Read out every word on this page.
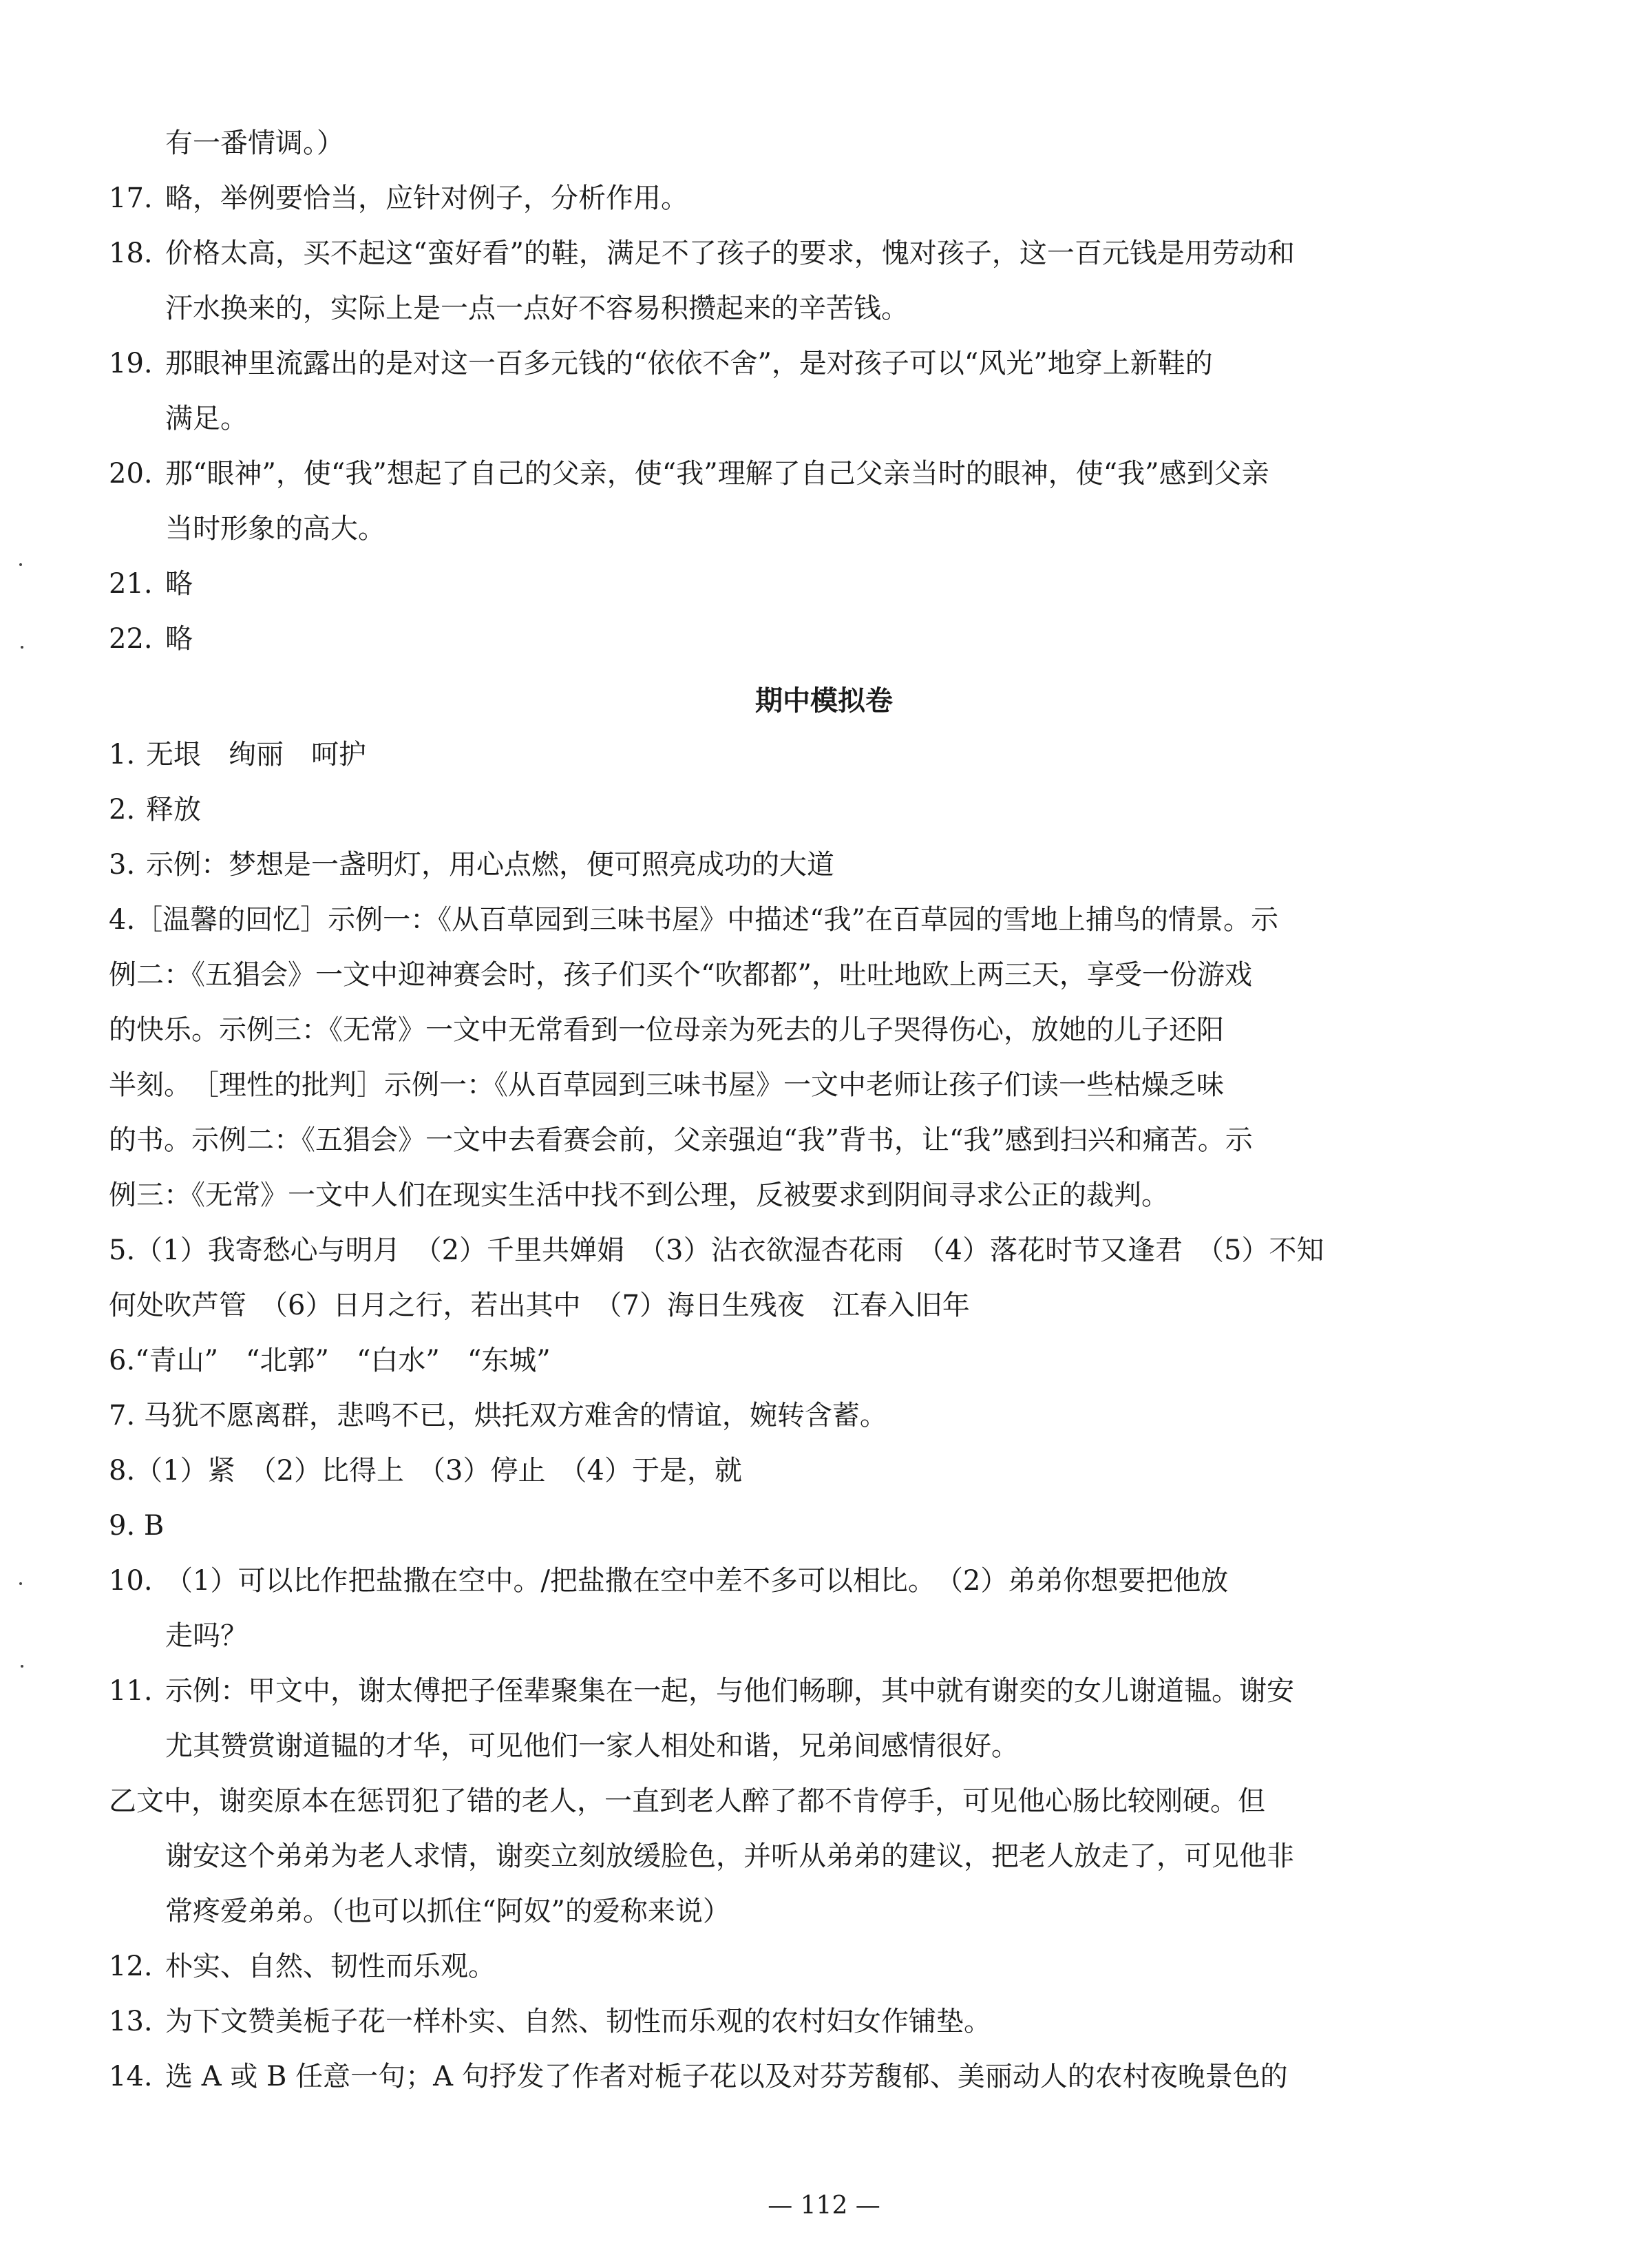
有一番情调。）
17. 略，举例要恰当，应针对例子，分析作用。
18. 价格太高，买不起这“蛮好看”的鞋，满足不了孩子的要求，愧对孩子，这一百元钱是用劳动和
汗水换来的，实际上是一点一点好不容易积攒起来的辛苦钱。
19. 那眼神里流露出的是对这一百多元钱的“依依不舍”，是对孩子可以“风光”地穿上新鞋的
满足。
20. 那“眼神”，使“我”想起了自己的父亲，使“我”理解了自己父亲当时的眼神，使“我”感到父亲
当时形象的高大。
21. 略
22. 略
期中模拟卷
1. 无垠　绚丽　呵护
2. 释放
3. 示例：梦想是一盏明灯，用心点燃，便可照亮成功的大道
4.［温馨的回忆］示例一：《从百草园到三味书屋》中描述“我”在百草园的雪地上捕鸟的情景。示
例二：《五猖会》一文中迎神赛会时，孩子们买个“吹都都”，吐吐地欧上两三天，享受一份游戏
的快乐。示例三：《无常》一文中无常看到一位母亲为死去的儿子哭得伤心，放她的儿子还阳
半刻。　［理性的批判］示例一：《从百草园到三味书屋》一文中老师让孩子们读一些枯燥乏味
的书。示例二：《五猖会》一文中去看赛会前，父亲强迫“我”背书，让“我”感到扫兴和痛苦。示
例三：《无常》一文中人们在现实生活中找不到公理，反被要求到阴间寻求公正的裁判。
5.（1）我寄愁心与明月　（2）千里共婵娟　（3）沾衣欲湿杏花雨　（4）落花时节又逢君　（5）不知
何处吹芦管　（6）日月之行，若出其中　（7）海日生残夜　江春入旧年
6.“青山”　“北郭”　“白水”　“东城”
7. 马犹不愿离群，悲鸣不已，烘托双方难舍的情谊，婉转含蓄。
8.（1）紧　（2）比得上　（3）停止　（4）于是，就
9. B
10. （1）可以比作把盐撒在空中。/把盐撒在空中差不多可以相比。　（2）弟弟你想要把他放
走吗？
11. 示例：甲文中，谢太傅把子侄辈聚集在一起，与他们畅聊，其中就有谢奕的女儿谢道韫。谢安
尤其赞赏谢道韫的才华，可见他们一家人相处和谐，兄弟间感情很好。
乙文中，谢奕原本在惩罚犯了错的老人，一直到老人醉了都不肯停手，可见他心肠比较刚硬。但
谢安这个弟弟为老人求情，谢奕立刻放缓脸色，并听从弟弟的建议，把老人放走了，可见他非
常疼爱弟弟。（也可以抓住“阿奴”的爱称来说）
12. 朴实、自然、韧性而乐观。
13. 为下文赞美栀子花一样朴实、自然、韧性而乐观的农村妇女作铺垫。
14. 选 A 或 B 任意一句；A 句抒发了作者对栀子花以及对芬芳馥郁、美丽动人的农村夜晚景色的
— 112 —
